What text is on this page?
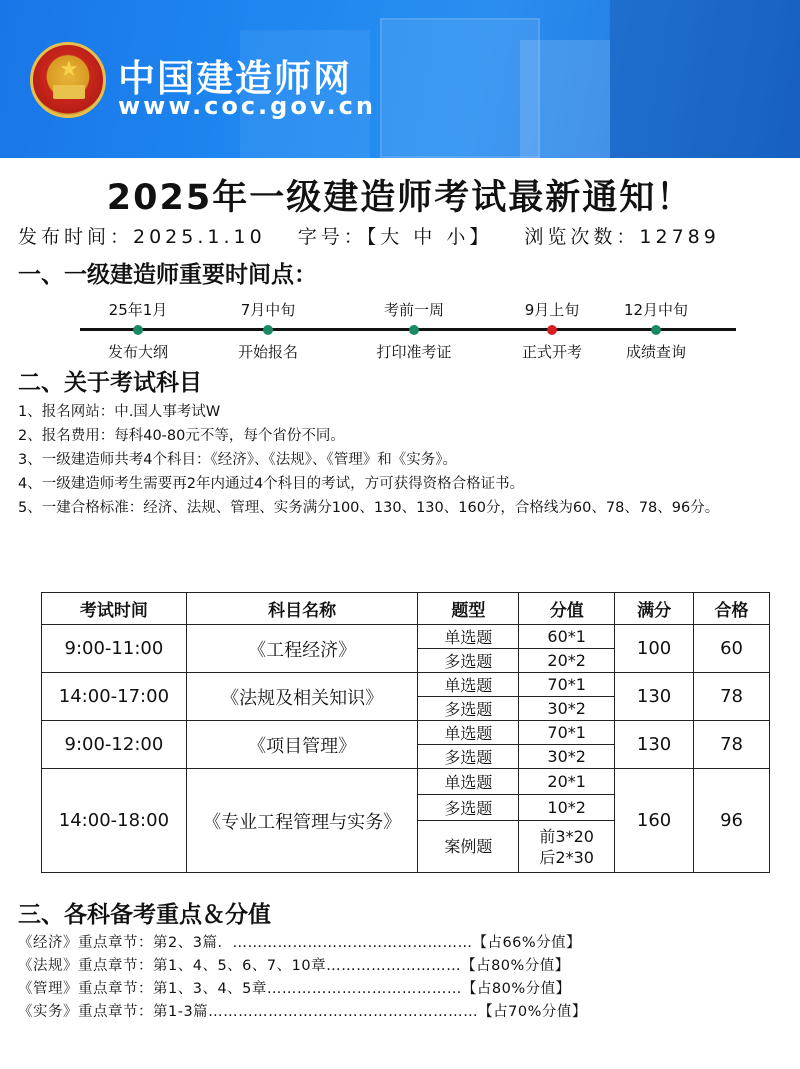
★ 中国建造师网
www.coc.gov.cn
2025年一级建造师考试最新通知！
发布时间：2025.1.10 字号：【大 中 小】 浏览次数：12789
一、一级建造师重要时间点：
25年1月
发布大纲
7月中旬
开始报名
考前一周
打印准考证
9月上旬
正式开考
12月中旬
成绩查询
二、关于考试科目
1、报名网站：中.国人事考试W
2、报名费用：每科40-80元不等，每个省份不同。
3、一级建造师共考4个科目：《经济》、《法规》、《管理》和《实务》。
4、一级建造师考生需要再2年内通过4个科目的考试，方可获得资格合格证书。
5、一建合格标准：经济、法规、管理、实务满分100、130、130、160分，合格线为60、78、78、96分。
考试时间	科目名称	题型	分值	满分	合格
9:00-11:00	《工程经济》	单选题	60*1	100	60
		多选题	20*2		
14:00-17:00	《法规及相关知识》	单选题	70*1	130	78
		多选题	30*2		
9:00-12:00	《项目管理》	单选题	70*1	130	78
		多选题	30*2		
14:00-18:00	《专业工程管理与实务》	单选题	20*1	160	96
		多选题	10*2		
		案例题	前3*20
后2*30		
三、各科备考重点＆分值
《经济》重点章节：第2、3篇．…………………………………………【占66%分值】
《法规》重点章节：第1、4、5、6、7、10章………………………【占80%分值】
《管理》重点章节：第1、3、4、5章…………………………………【占80%分值】
《实务》重点章节：第1-3篇………………………………………………【占70%分值】
